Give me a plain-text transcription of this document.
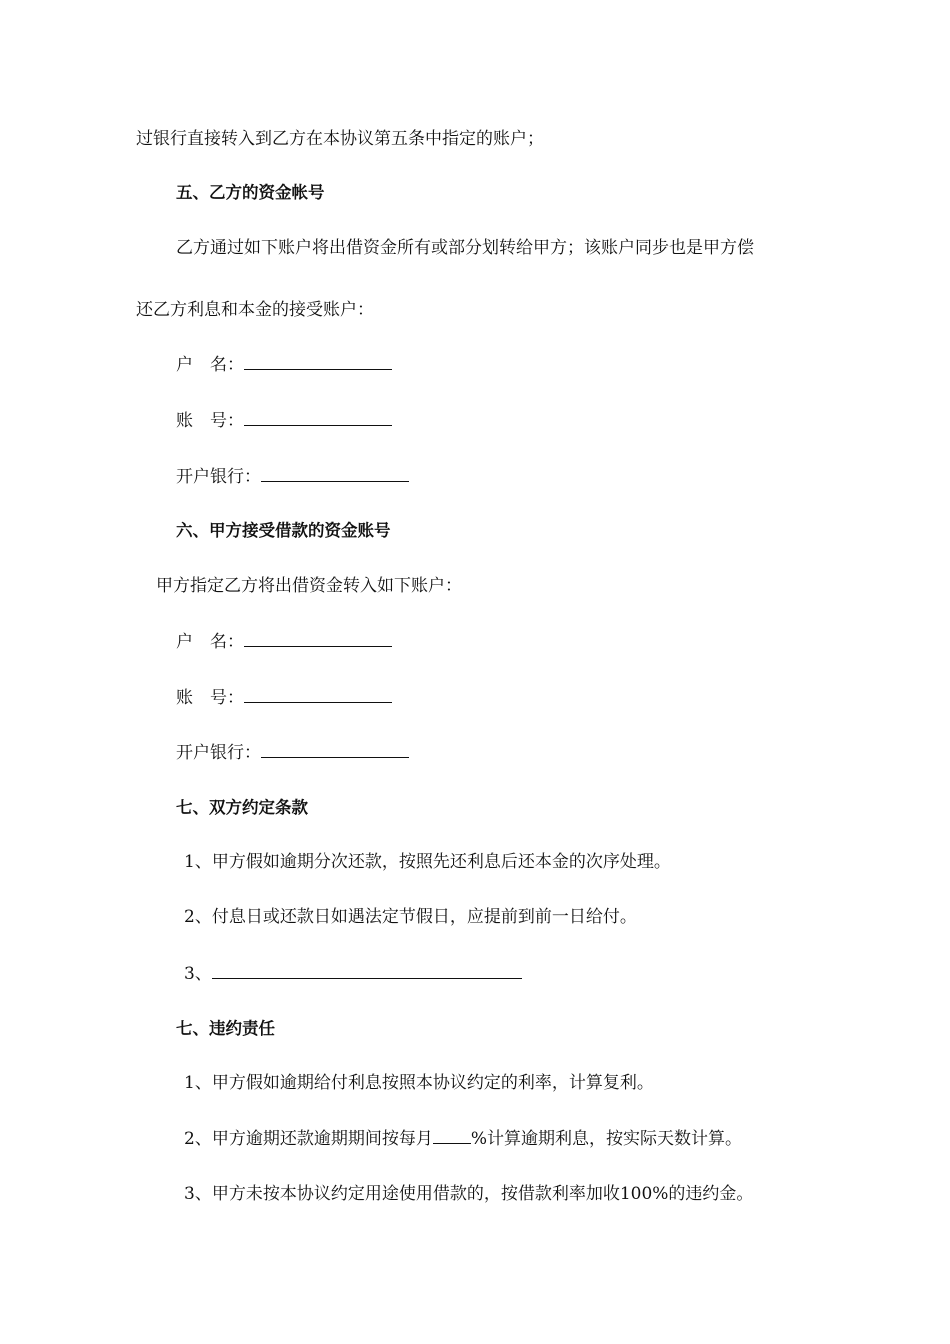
过银行直接转入到乙方在本协议第五条中指定的账户；
五、乙方的资金帐号
乙方通过如下账户将出借资金所有或部分划转给甲方；该账户同步也是甲方偿
还乙方利息和本金的接受账户：
户　名：
账　号：
开户银行：
六、甲方接受借款的资金账号
甲方指定乙方将出借资金转入如下账户：
户　名：
账　号：
开户银行：
七、双方约定条款
1、甲方假如逾期分次还款，按照先还利息后还本金的次序处理。
2、付息日或还款日如遇法定节假日，应提前到前一日给付。
3、
七、违约责任
1、甲方假如逾期给付利息按照本协议约定的利率，计算复利。
2、甲方逾期还款逾期期间按每月 %计算逾期利息，按实际天数计算。
3、甲方未按本协议约定用途使用借款的，按借款利率加收100%的违约金。
